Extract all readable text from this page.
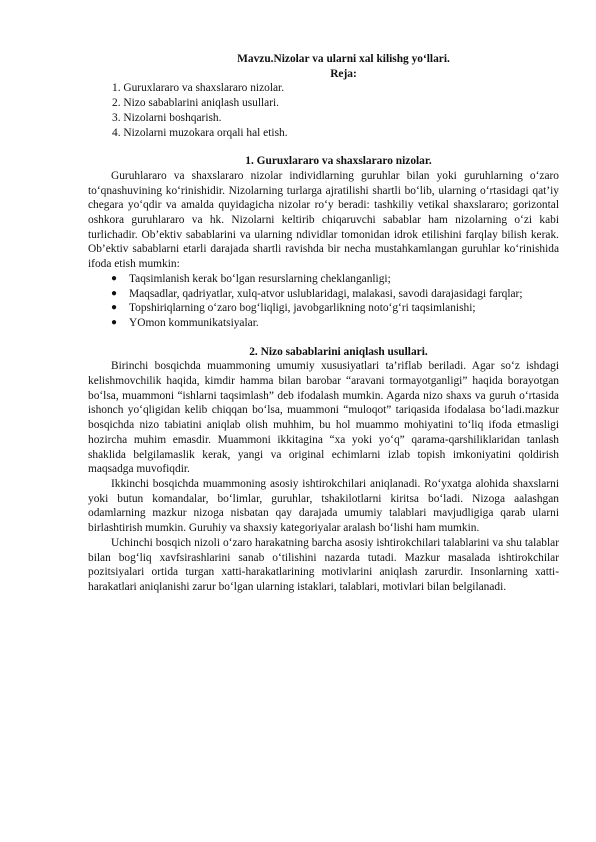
Mavzu.Nizolar va ularni xal kilishg yo‘llari.

Reja:

1. Guruxlararo va shaxslararo nizolar.
2. Nizo sabablarini aniqlash usullari.
3. Nizolarni boshqarish.
4. Nizolarni muzokara orqali hal etish.

1. Guruxlararo va shaxslararo nizolar.

Guruhlararo va shaxslararo nizolar individlarning guruhlar bilan yoki guruhlarning o‘zaro to‘qnashuvining ko‘rinishidir. Nizolarning turlarga ajratilishi shartli bo‘lib, ularning o‘rtasidagi qat’iy chegara yo‘qdir va amalda quyidagicha nizolar ro‘y beradi: tashkiliy vetikal shaxslararo; gorizontal oshkora guruhlararo va hk. Nizolarni keltirib chiqaruvchi sabablar ham nizolarning o‘zi kabi turlichadir. Ob’ektiv sabablarini va ularning ndividlar tomonidan idrok etilishini farqlay bilish kerak. Ob’ektiv sabablarni etarli darajada shartli ravishda bir necha mustahkamlangan guruhlar ko‘rinishida ifoda etish mumkin:

● Taqsimlanish kerak bo‘lgan resurslarning cheklanganligi;

● Maqsadlar, qadriyatlar, xulq-atvor uslublaridagi, malakasi, savodi darajasidagi farqlar;

● Topshiriqlarning o‘zaro bog‘liqligi, javobgarlikning noto‘g‘ri taqsimlanishi;

● YOmon kommunikatsiyalar.

2. Nizo sabablarini aniqlash usullari.

Birinchi bosqichda muammoning umumiy xususiyatlari ta’riflab beriladi. Agar so‘z ishdagi kelishmovchilik haqida, kimdir hamma bilan barobar “aravani tormayotganligi” haqida borayotgan bo‘lsa, muammoni “ishlarni taqsimlash” deb ifodalash mumkin. Agarda nizo shaxs va guruh o‘rtasida ishonch yo‘qligidan kelib chiqqan bo‘lsa, muammoni “muloqot” tariqasida ifodalasa bo‘ladi.mazkur bosqichda nizo tabiatini aniqlab olish muhhim, bu hol muammo mohiyatini to‘liq ifoda etmasligi hozircha muhim emasdir. Muammoni ikkitagina “xa yoki yo‘q” qarama-qarshiliklaridan tanlash shaklida belgilamaslik kerak, yangi va original echimlarni izlab topish imkoniyatini qoldirish maqsadga muvofiqdir.

Ikkinchi bosqichda muammoning asosiy ishtirokchilari aniqlanadi. Ro‘yxatga alohida shaxslarni yoki butun komandalar, bo‘limlar, guruhlar, tshakilotlarni kiritsa bo‘ladi. Nizoga aalashgan odamlarning mazkur nizoga nisbatan qay darajada umumiy talablari mavjudligiga qarab ularni birlashtirish mumkin. Guruhiy va shaxsiy kategoriyalar aralash bo‘lishi ham mumkin.

Uchinchi bosqich nizoli o‘zaro harakatning barcha asosiy ishtirokchilari talablarini va shu talablar bilan bog‘liq xavfsirashlarini sanab o‘tilishini nazarda tutadi. Mazkur masalada ishtirokchilar pozitsiyalari ortida turgan xatti-harakatlarining motivlarini aniqlash zarurdir. Insonlarning xatti-harakatlari aniqlanishi zarur bo‘lgan ularning istaklari, talablari, motivlari bilan belgilanadi.
